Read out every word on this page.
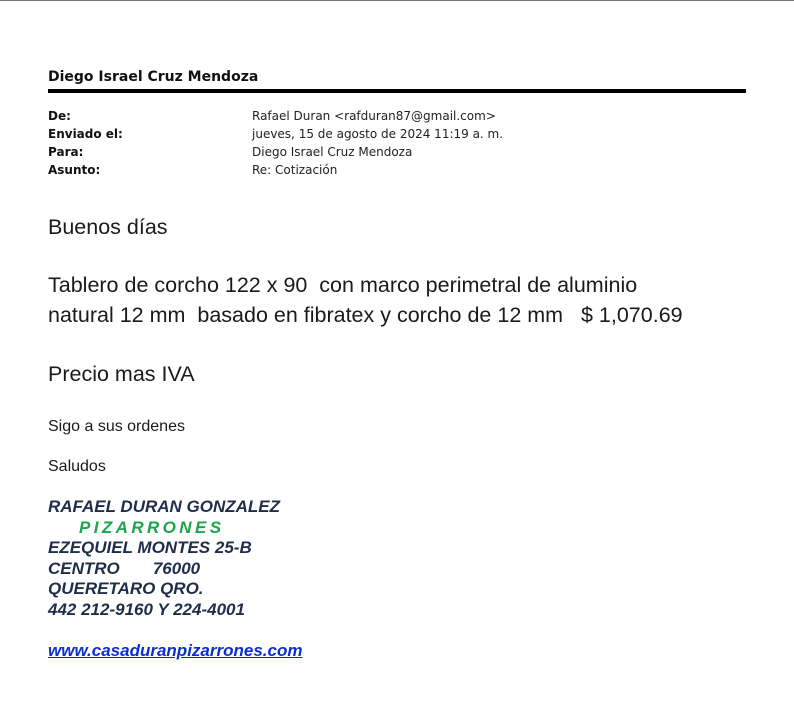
Diego Israel Cruz Mendoza
De:	Rafael Duran <rafduran87@gmail.com>
Enviado el:	jueves, 15 de agosto de 2024 11:19 a. m.
Para:	Diego Israel Cruz Mendoza
Asunto:	Re: Cotización
Buenos días
Tablero de corcho 122 x 90  con marco perimetral de aluminio
natural 12 mm  basado en fibratex y corcho de 12 mm   $ 1,070.69
Precio mas IVA
Sigo a sus ordenes
Saludos
RAFAEL DURAN GONZALEZ
PIZARRONES
EZEQUIEL MONTES 25-B
CENTRO       76000
QUERETARO QRO.
442 212-9160 Y 224-4001
www.casaduranpizarrones.com
